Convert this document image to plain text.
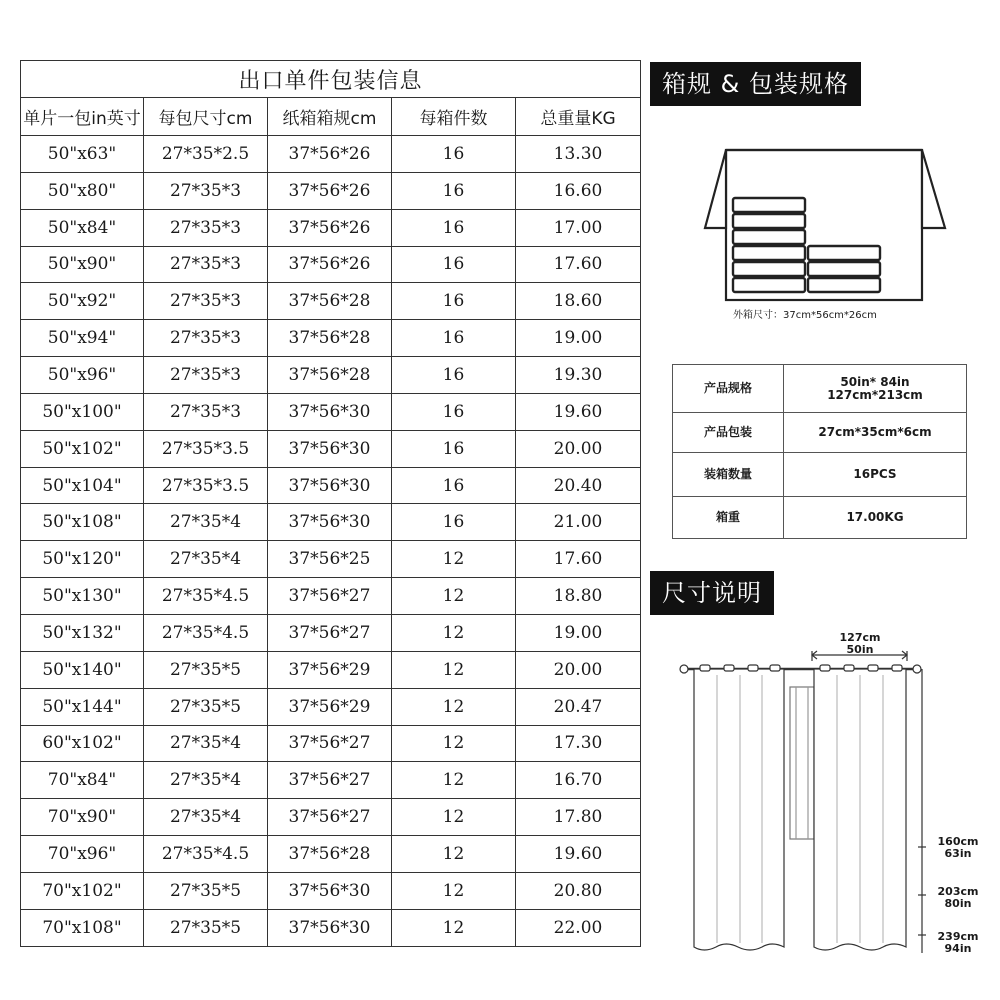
出口单件包装信息				
单片一包in英寸	每包尺寸cm	纸箱箱规cm	每箱件数	总重量KG
50"x63"	27*35*2.5	37*56*26	16	13.30
50"x80"	27*35*3	37*56*26	16	16.60
50"x84"	27*35*3	37*56*26	16	17.00
50"x90"	27*35*3	37*56*26	16	17.60
50"x92"	27*35*3	37*56*28	16	18.60
50"x94"	27*35*3	37*56*28	16	19.00
50"x96"	27*35*3	37*56*28	16	19.30
50"x100"	27*35*3	37*56*30	16	19.60
50"x102"	27*35*3.5	37*56*30	16	20.00
50"x104"	27*35*3.5	37*56*30	16	20.40
50"x108"	27*35*4	37*56*30	16	21.00
50"x120"	27*35*4	37*56*25	12	17.60
50"x130"	27*35*4.5	37*56*27	12	18.80
50"x132"	27*35*4.5	37*56*27	12	19.00
50"x140"	27*35*5	37*56*29	12	20.00
50"x144"	27*35*5	37*56*29	12	20.47
60"x102"	27*35*4	37*56*27	12	17.30
70"x84"	27*35*4	37*56*27	12	16.70
70"x90"	27*35*4	37*56*27	12	17.80
70"x96"	27*35*4.5	37*56*28	12	19.60
70"x102"	27*35*5	37*56*30	12	20.80
70"x108"	27*35*5	37*56*30	12	22.00
箱规 & 包装规格
外箱尺寸：37cm*56cm*26cm
产品规格	50in* 84in
127cm*213cm

产品包装	27cm*35cm*6cm
装箱数量	16PCS
箱重	17.00KG
尺寸说明
127cm
50in
160cm
63in
203cm
80in
239cm
94in
